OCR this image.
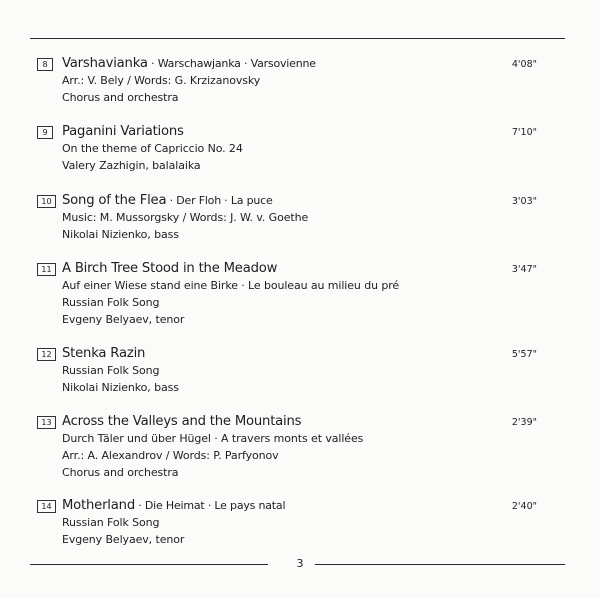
8	Varshavianka · Warschawjanka · Varsovienne
Arr.: V. Bely / Words: G. Krzizanovsky
Chorus and orchestra
4'08"
9	Paganini Variations
On the theme of Capriccio No. 24
Valery Zazhigin, balalaika
7'10"
10 Song of the Flea · Der Floh · La puce
Music: M. Mussorgsky / Words: J. W. v. Goethe
Nikolai Nizienko, bass
3'03"
11 A Birch Tree Stood in the Meadow
Auf einer Wiese stand eine Birke · Le bouleau au milieu du pré
Russian Folk Song
Evgeny Belyaev, tenor
3'47"
12 Stenka Razin
Russian Folk Song
Nikolai Nizienko, bass
5'57"
13 Across the Valleys and the Mountains
Durch Täler und über Hügel · A travers monts et vallées
Arr.: A. Alexandrov / Words: P. Parfyonov
Chorus and orchestra
2'39"
14 Motherland · Die Heimat · Le pays natal
Russian Folk Song
Evgeny Belyaev, tenor
2'40"
3
